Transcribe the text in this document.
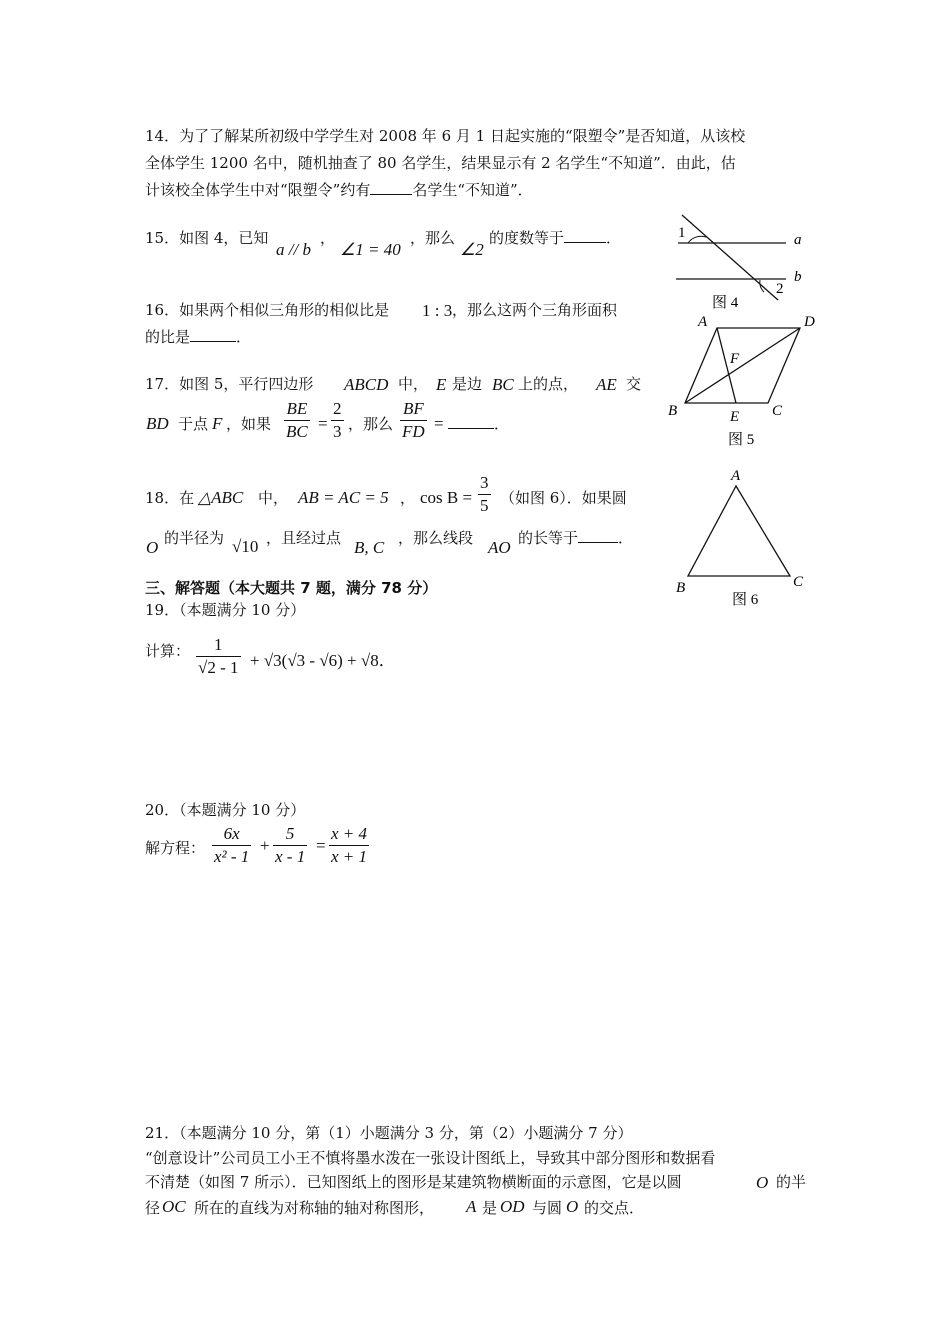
14．为了了解某所初级中学学生对 2008 年 6 月 1 日起实施的“限塑令”是否知道，从该校
全体学生 1200 名中，随机抽查了 80 名学生，结果显示有 2 名学生“不知道”．由此，估
计该校全体学生中对“限塑令”约有	名学生“不知道”．
15．如图 4，已知
a // b
，
∠1 = 40
，那么
∠2
的度数等于	．
16．如果两个相似三角形的相似比是 1 : 3 ，那么这两个三角形面积
的比是	．
17．如图 5，平行四边形 ABCD 中， E 是边 BC 上的点， AE 交
BD 于点 F ，如果 $\frac{BE}{BC} = \frac{2}{3}$ ，那么 $\frac{BF}{FD}$ =	．
18．在 △ABC 中， AB = AC = 5 ， $\cos B = \frac{3}{5}$ （如图 6）．如果圆
O 的半径为 √10 ，且经过点 B, C ，那么线段 AO 的长等于	．
三、解答题（本大题共 7 题，满分 78 分）
19．（本题满分 10 分）
计算： $\frac{1}{√2 - 1} + √3(√3 - √6) + √8$．
20．（本题满分 10 分）
解方程： $\frac{6x}{\text{x² - 1}} + \frac{5}{x - 1} = \frac{x + 4}{x + 1}$
21．（本题满分 10 分，第（1）小题满分 3 分，第（2）小题满分 7 分）
“创意设计”公司员工小王不慎将墨水泼在一张设计图纸上，导致其中部分图形和数据看
不清楚（如图 7 所示）．已知图纸上的图形是某建筑物横断面的示意图，它是以圆	O 的半
径 OC 所在的直线为对称轴的轴对称图形， A 是 OD 与圆 O 的交点．
1
2
a
b
图 4
A	D
F
B	E C
图 5
A
B	C
图 6
